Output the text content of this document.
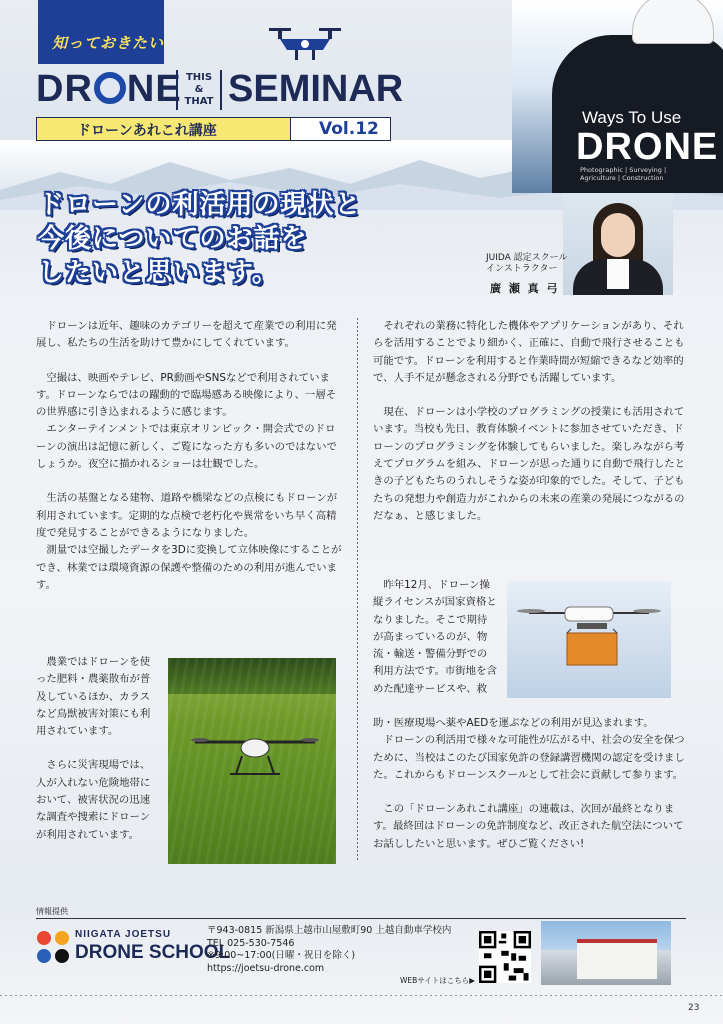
知っておきたい
DR NE THIS
&
THAT SEMINAR
ドローンあれこれ講座	Vol.12
Ways To Use
DRONE
Photographic | Surveying |
Agriculture | Construction
ドローンの利活用の現状と
今後についてのお話を
したいと思います。	JUIDA 認定スクール
インストラクター
廣 瀬 真 弓

ドローンは近年、趣味のカテゴリーを超えて産業での利用に発展し、私たちの生活を助けて豊かにしてくれています。

空撮は、映画やテレビ、PR動画やSNSなどで利用されています。ドローンならではの躍動的で臨場感ある映像により、一層その世界感に引き込まれるように感じます。

エンターテインメントでは東京オリンピック・開会式でのドローンの演出は記憶に新しく、ご覧になった方も多いのではないでしょうか。夜空に描かれるショーは壮観でした。

生活の基盤となる建物、道路や橋梁などの点検にもドローンが利用されています。定期的な点検で老朽化や異常をいち早く高精度で発見することができるようになりました。

測量では空撮したデータを3Dに変換して立体映像にすることができ、林業では環境資源の保護や整備のための利用が進んでいます。

農業ではドローンを使った肥料・農薬散布が普及しているほか、カラスなど鳥獣被害対策にも利用されています。

さらに災害現場では、人が入れない危険地帯において、被害状況の迅速な調査や捜索にドローンが利用されています。

それぞれの業務に特化した機体やアプリケーションがあり、それらを活用することでより細かく、正確に、自動で飛行させることも可能です。ドローンを利用すると作業時間が短縮できるなど効率的で、人手不足が懸念される分野でも活躍しています。

現在、ドローンは小学校のプログラミングの授業にも活用されています。当校も先日、教育体験イベントに参加させていただき、ドローンのプログラミングを体験してもらいました。楽しみながら考えてプログラムを組み、ドローンが思った通りに自動で飛行したときの子どもたちのうれしそうな姿が印象的でした。そして、子どもたちの発想力や創造力がこれからの未来の産業の発展につながるのだなぁ、と感じました。

昨年12月、ドローン操縦ライセンスが国家資格となりました。そこで期待が高まっているのが、物流・輸送・警備分野での利用方法です。市街地を含めた配達サービスや、救

助・医療現場へ薬やAEDを運ぶなどの利用が見込まれます。

ドローンの利活用で様々な可能性が広がる中、社会の安全を保つために、当校はこのたび国家免許の登録講習機関の認定を受けました。これからもドローンスクールとして社会に貢献して参ります。

この「ドローンあれこれ講座」の連載は、次回が最終となります。最終回はドローンの免許制度など、改正された航空法についてお話ししたいと思います。ぜひご覧ください!

情報提供
NIIGATA JOETSU
DRONE SCHOOL
〒943-0815 新潟県上越市山屋敷町90 上越自動車学校内
TEL 025-530-7546
※9:00~17:00(日曜・祝日を除く)
https://joetsu-drone.com
WEBサイトはこちら▶
23
